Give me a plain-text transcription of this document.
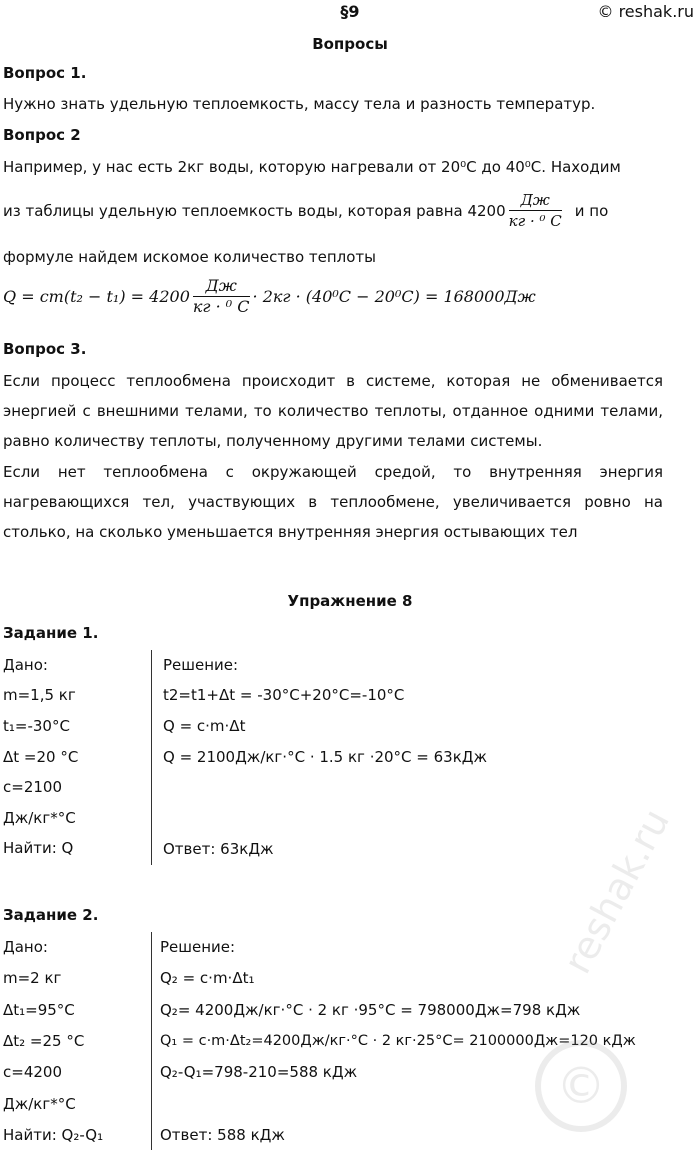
§9	© reshak.ru
Вопросы
Вопрос 1.
Нужно знать удельную теплоемкость, массу тела и разность температур.
Вопрос 2
Например, у нас есть 2кг воды, которую нагревали от 20⁰С до 40⁰С. Находим
из таблицы удельную теплоемкость воды, которая равна $4200 \frac{Дж}{\text{кг · ⁰ С}}$ и по
формуле найдем искомое количество теплоты
$Q = cm(t_2 - t_1) = 4200 \frac{Дж}{\text{кг · ⁰ С}} \cdot 2кг \cdot (40^0С - 20^0С) = 168000Дж$
Вопрос 3.
Если процесс теплообмена происходит в системе, которая не обменивается энергией с внешними телами, то количество теплоты, отданное одними телами, равно количеству теплоты, полученному другими телами системы.
Если нет теплообмена с окружающей средой, то внутренняя энергия нагревающихся тел, участвующих в теплообмене, увеличивается ровно на столько, на сколько уменьшается внутренняя энергия остывающих тел
Упражнение 8
Задание 1.
Дано:
m=1,5 кг
t₁=-30°С
Δt =20 °С
c=2100
Дж/кг*°С
Найти: Q
Решение:
t2=t1+Δt = -30°С+20°С=-10°С
Q = c·m·Δt
Q = 2100Дж/кг·°С · 1.5 кг ·20°С = 63кДж
Ответ: 63кДж
Задание 2.
Дано:
m=2 кг
Δt₁=95°С
Δt₂ =25 °С
c=4200
Дж/кг*°С
Найти: Q₂-Q₁
Решение:
Q₂ = c·m·Δt₁
Q₂= 4200Дж/кг·°С · 2 кг ·95°С = 798000Дж=798 кДж
Q₁ = c·m·Δt₂=4200Дж/кг·°С · 2 кг·25°С= 2100000Дж=120 кДж
Q₂-Q₁=798-210=588 кДж
Ответ: 588 кДж
reshak.ru
©
